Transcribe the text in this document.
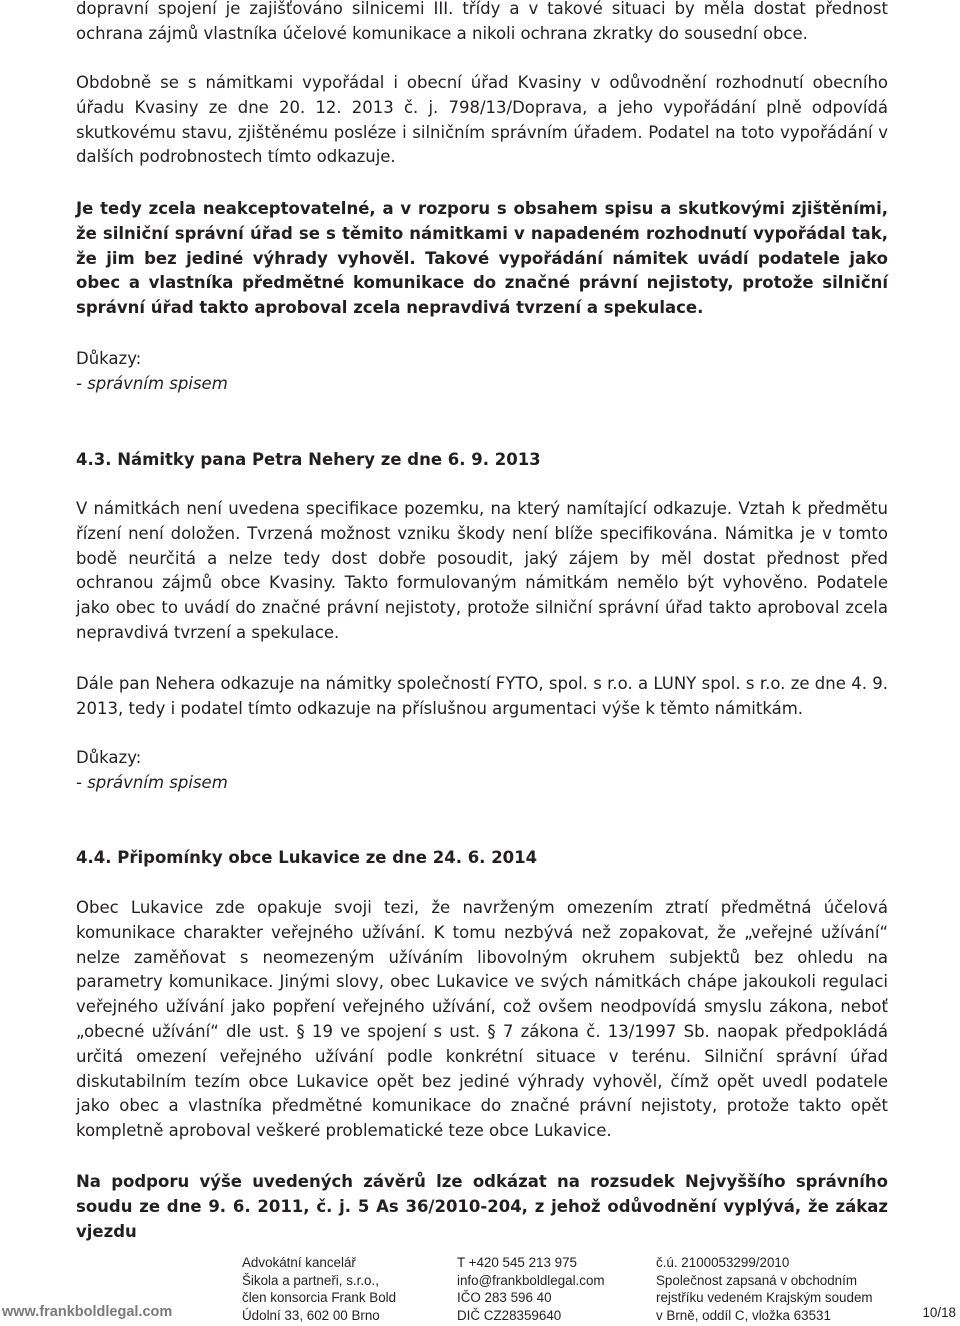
dopravní spojení je zajišťováno silnicemi III. třídy a v takové situaci by měla dostat přednost ochrana zájmů vlastníka účelové komunikace a nikoli ochrana zkratky do sousední obce.

Obdobně se s námitkami vypořádal i obecní úřad Kvasiny v odůvodnění rozhodnutí obecního úřadu Kvasiny ze dne 20. 12. 2013 č. j. 798/13/Doprava, a jeho vypořádání plně odpovídá skutkovému stavu, zjištěnému posléze i silničním správním úřadem. Podatel na toto vypořádání v dalších podrobnostech tímto odkazuje.

Je tedy zcela neakceptovatelné, a v rozporu s obsahem spisu a skutkovými zjištěními, že silniční správní úřad se s těmito námitkami v napadeném rozhodnutí vypořádal tak, že jim bez jediné výhrady vyhověl. Takové vypořádání námitek uvádí podatele jako obec a vlastníka předmětné komunikace do značné právní nejistoty, protože silniční správní úřad takto aproboval zcela nepravdivá tvrzení a spekulace.

Důkazy:

- správním spisem

4.3. Námitky pana Petra Nehery ze dne 6. 9. 2013

V námitkách není uvedena specifikace pozemku, na který namítající odkazuje. Vztah k předmětu řízení není doložen. Tvrzená možnost vzniku škody není blíže specifikována. Námitka je v tomto bodě neurčitá a nelze tedy dost dobře posoudit, jaký zájem by měl dostat přednost před ochranou zájmů obce Kvasiny. Takto formulovaným námitkám nemělo být vyhověno. Podatele jako obec to uvádí do značné právní nejistoty, protože silniční správní úřad takto aproboval zcela nepravdivá tvrzení a spekulace.

Dále pan Nehera odkazuje na námitky společností FYTO, spol. s r.o. a LUNY spol. s r.o. ze dne 4. 9. 2013, tedy i podatel tímto odkazuje na příslušnou argumentaci výše k těmto námitkám.

Důkazy:

- správním spisem

4.4. Připomínky obce Lukavice ze dne 24. 6. 2014

Obec Lukavice zde opakuje svoji tezi, že navrženým omezením ztratí předmětná účelová komunikace charakter veřejného užívání. K tomu nezbývá než zopakovat, že „veřejné užívání“ nelze zaměňovat s neomezeným užíváním libovolným okruhem subjektů bez ohledu na parametry komunikace. Jinými slovy, obec Lukavice ve svých námitkách chápe jakoukoli regulaci veřejného užívání jako popření veřejného užívání, což ovšem neodpovídá smyslu zákona, neboť „obecné užívání“ dle ust. § 19 ve spojení s ust. § 7 zákona č. 13/1997 Sb. naopak předpokládá určitá omezení veřejného užívání podle konkrétní situace v terénu. Silniční správní úřad diskutabilním tezím obce Lukavice opět bez jediné výhrady vyhověl, čímž opět uvedl podatele jako obec a vlastníka předmětné komunikace do značné právní nejistoty, protože takto opět kompletně aproboval veškeré problematické teze obce Lukavice.

Na podporu výše uvedených závěrů lze odkázat na rozsudek Nejvyššího správního soudu ze dne 9. 6. 2011, č. j. 5 As 36/2010-204, z jehož odůvodnění vyplývá, že zákaz vjezdu

Advokátní kancelář
Šikola a partneři, s.r.o.,
člen konsorcia Frank Bold
Údolní 33, 602 00 Brno
T +420 545 213 975
info@frankboldlegal.com
IČO 283 596 40
DIČ CZ28359640
č.ú. 2100053299/2010
Společnost zapsaná v obchodním
rejstříku vedeném Krajským soudem
v Brně, oddíl C, vložka 63531
www.frankboldlegal.com	10/18
